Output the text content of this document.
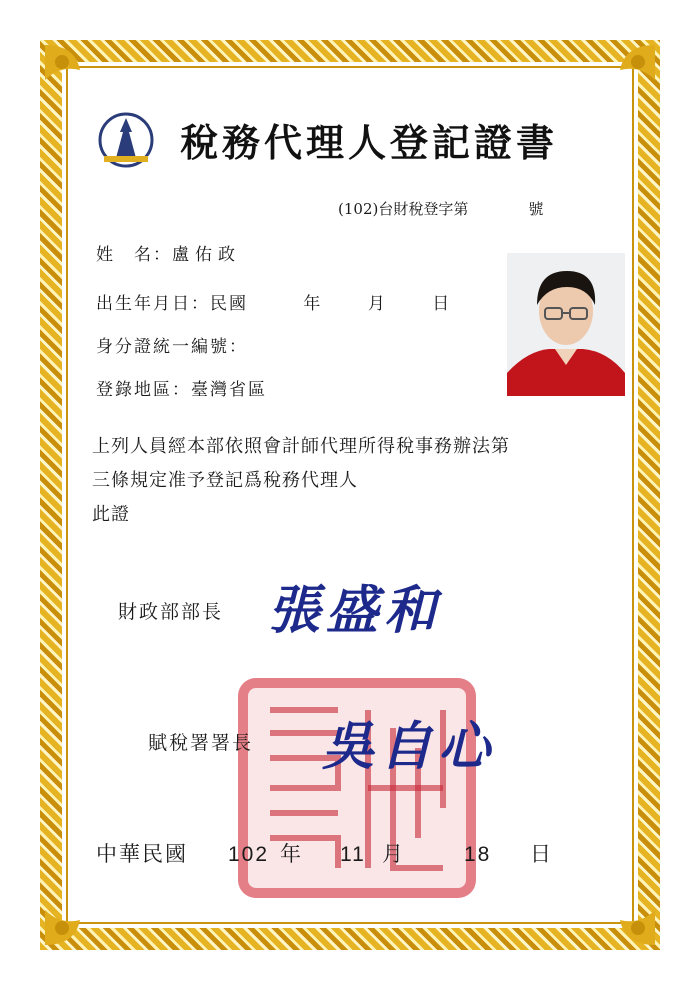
稅務代理人登記證書
(102)台財稅登字第	號
姓　名：盧佑政
出生年月日：民國	年	月	日
身分證統一編號：
登錄地區：臺灣省區
上列人員經本部依照會計師代理所得稅事務辦法第
三條規定准予登記爲稅務代理人
此證
財政部部長 張盛和
賦稅署署長 吳自心
中華民國 102 年 11 月	18 日
